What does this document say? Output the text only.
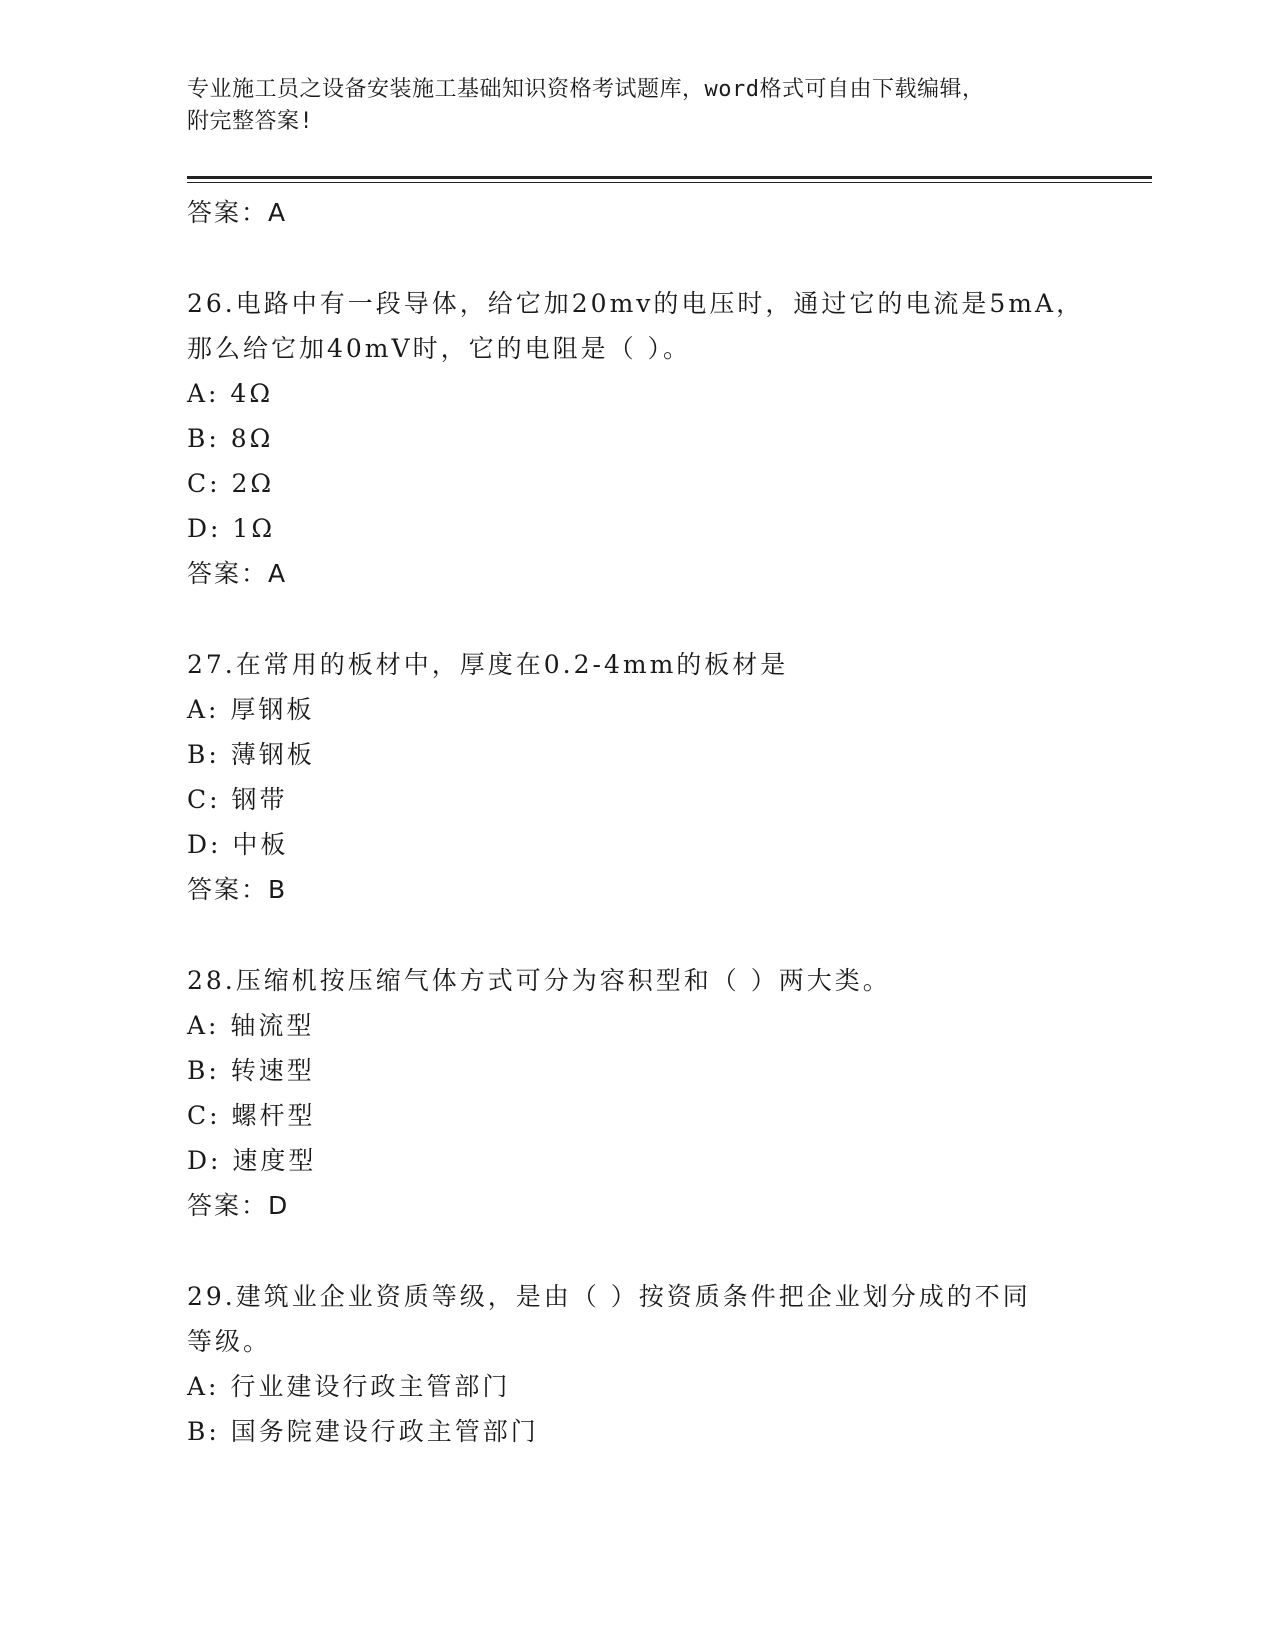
专业施工员之设备安装施工基础知识资格考试题库，word格式可自由下载编辑，
附完整答案!
答案：A
26.电路中有一段导体，给它加20mv的电压时，通过它的电流是5mA，
那么给它加40mV时，它的电阻是（ ）。
A: 4Ω
B: 8Ω
C: 2Ω
D: 1Ω
答案：A
27.在常用的板材中，厚度在0.2-4mm的板材是
A: 厚钢板
B: 薄钢板
C: 钢带
D: 中板
答案：B
28.压缩机按压缩气体方式可分为容积型和（ ）两大类。
A: 轴流型
B: 转速型
C: 螺杆型
D: 速度型
答案：D
29.建筑业企业资质等级，是由（ ）按资质条件把企业划分成的不同
等级。
A: 行业建设行政主管部门
B: 国务院建设行政主管部门
